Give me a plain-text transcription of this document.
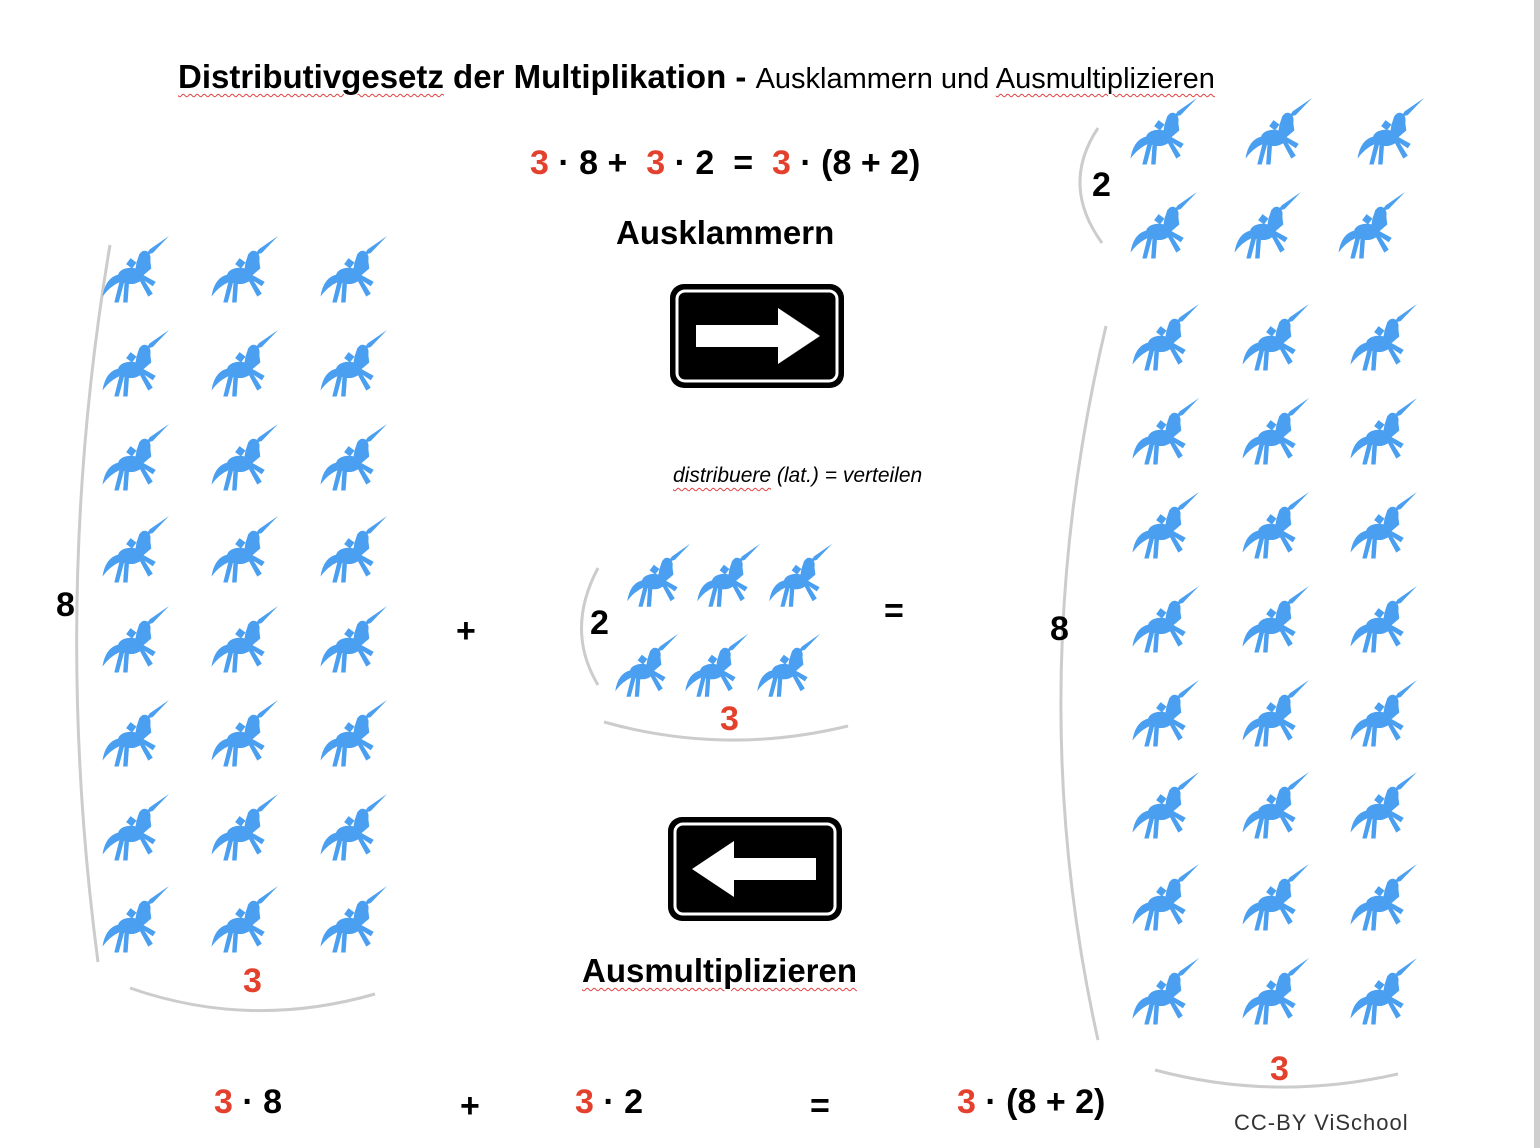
Distributivgesetz der Multiplikation - Ausklammern und Ausmultiplizieren
3 · 8 + 3 · 2 = 3 · (8 + 2)
Ausklammern
distribuere (lat.) = verteilen
Ausmultiplizieren
8
3
2
3
2
8
3
+
=
3 · 8	+	3 · 2	=	3 · (8 + 2)
CC-BY ViSchool
